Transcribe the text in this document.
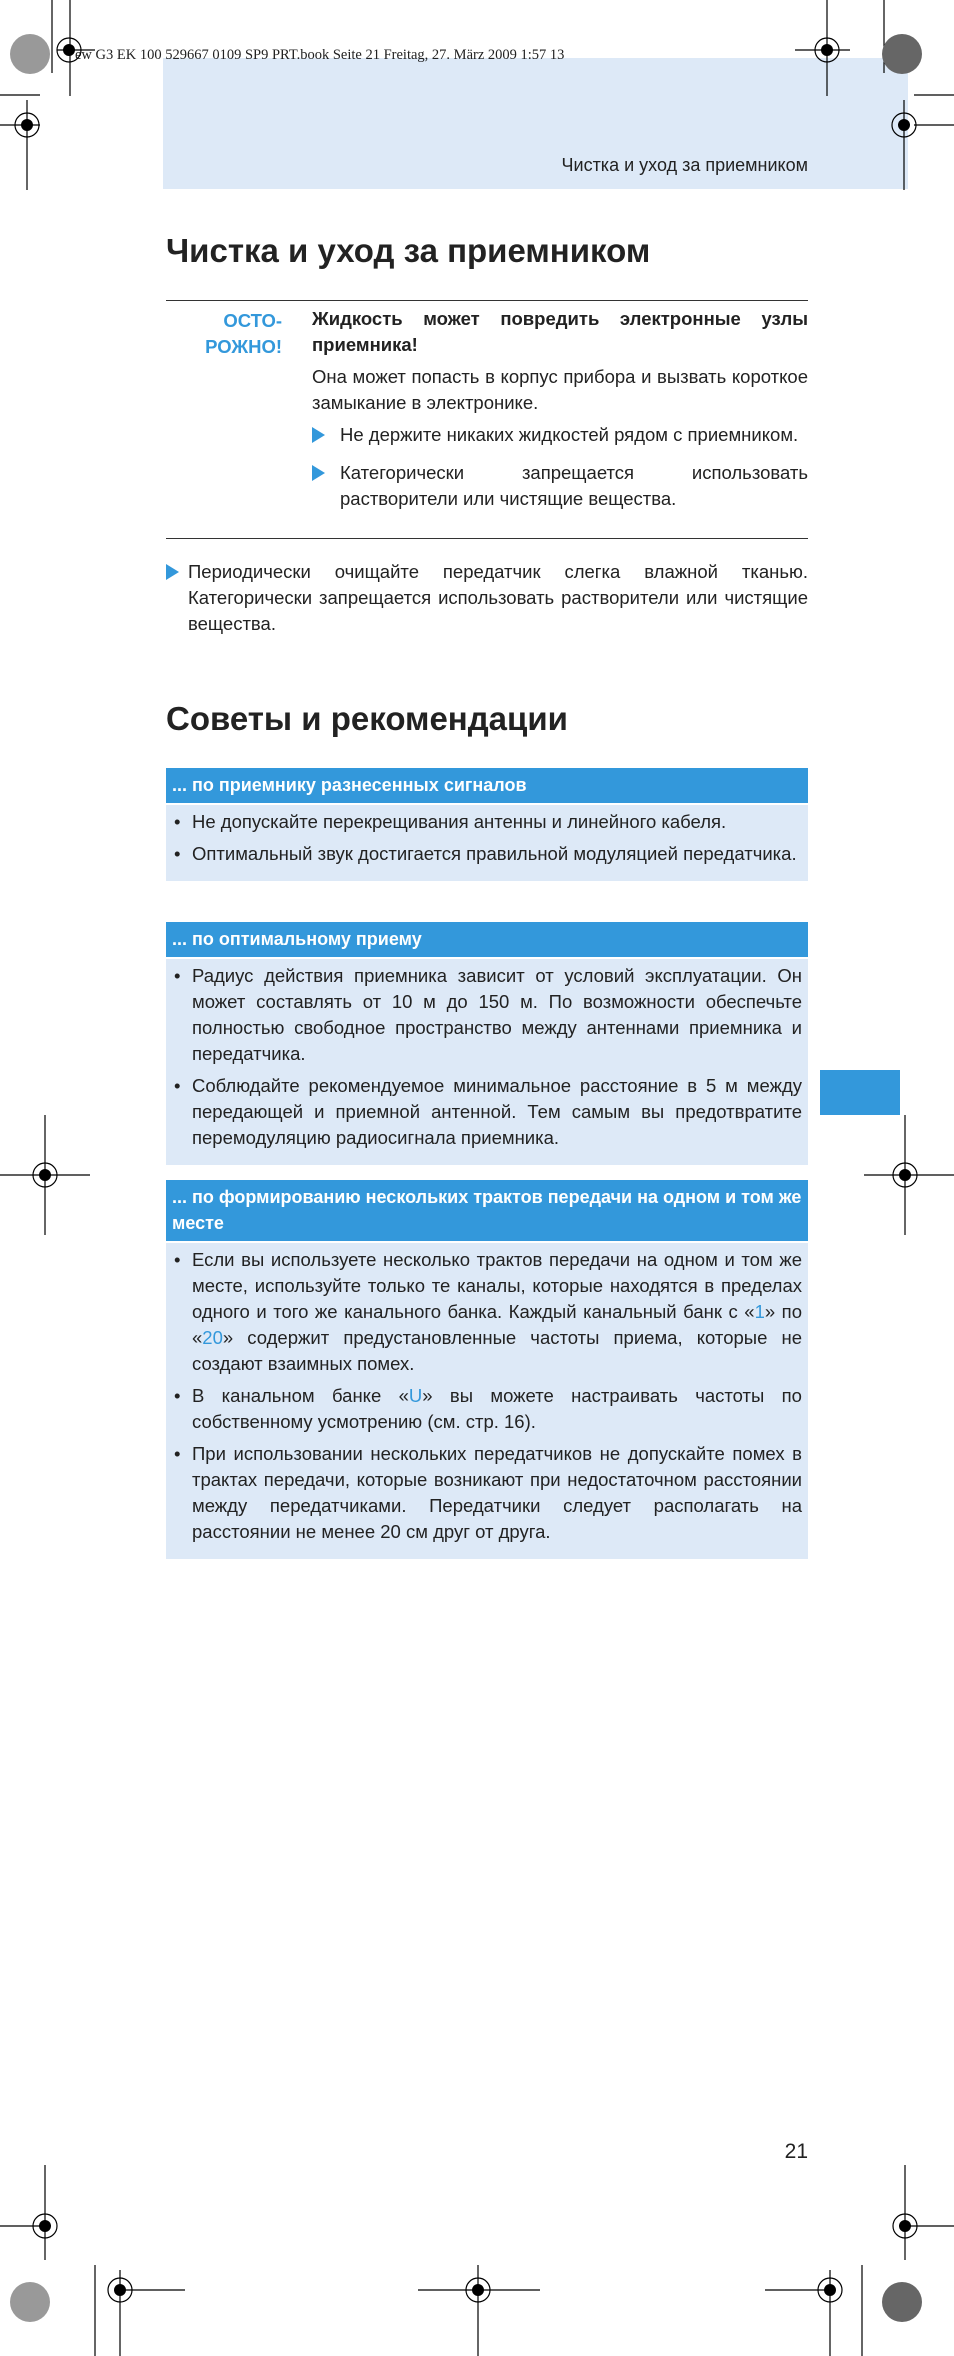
ew G3 EK 100 529667 0109 SP9 PRT.book Seite 21 Freitag, 27. März 2009 1:57 13
Чистка и уход за приемником
Чистка и уход за приемником
ОСТО-
РОЖНО!

Жидкость может повредить электронные узлы приемника!

Она может попасть в корпус прибора и вызвать короткое замыкание в электронике.

Не держите никаких жидкостей рядом с приемником.
Категорически запрещается использовать растворители или чистящие вещества.
Периодически очищайте передатчик слегка влажной тканью. Категорически запрещается использовать растворители или чистящие вещества.
Советы и рекомендации
... по приемнику разнесенных сигналов
• Не допускайте перекрещивания антенны и линейного кабеля.
• Оптимальный звук достигается правильной модуляцией передатчика.
... по оптимальному приему
• Радиус действия приемника зависит от условий эксплуатации. Он может составлять от 10 м до 150 м. По возможности обеспечьте полностью свободное пространство между антеннами приемника и передатчика.
• Соблюдайте рекомендуемое минимальное расстояние в 5 м между передающей и приемной антенной. Тем самым вы предотвратите перемодуляцию радиосигнала приемника.
... по формированию нескольких трактов передачи на одном и том же месте
• Если вы используете несколько трактов передачи на одном и том же месте, используйте только те каналы, которые находятся в пределах одного и того же канального банка. Каждый канальный банк с «1» по «20» содержит предустановленные частоты приема, которые не создают взаимных помех.
• В канальном банке «U» вы можете настраивать частоты по собственному усмотрению (см. стр. 16).
• При использовании нескольких передатчиков не допускайте помех в трактах передачи, которые возникают при недостаточном расстоянии между передатчиками. Передатчики следует располагать на расстоянии не менее 20 см друг от друга.
21
